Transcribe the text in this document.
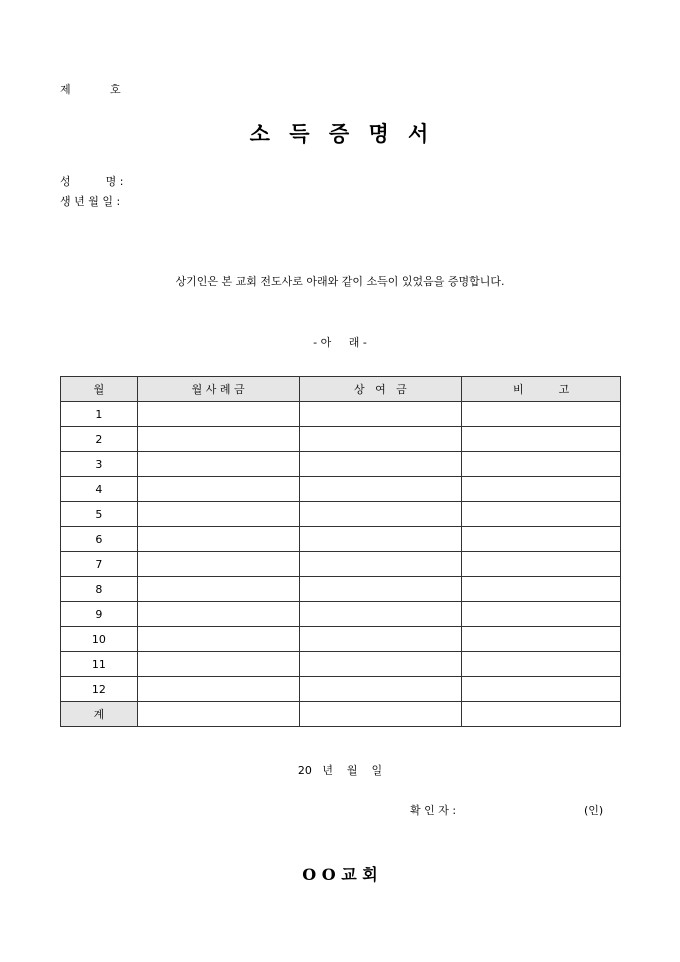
제	호
소 득 증 명 서
성          명 :
생 년 월 일 :
상기인은 본 교회 전도사로 아래와 같이 소득이 있었음을 증명합니다.
- 아     래 -
월	월 사 례 금	상   여   금	비          고
1			
2			
3			
4			
5			
6			
7			
8			
9			
10			
11			
12			
계			
20   년    월    일
확 인 자 :	(인)
O O 교 회
